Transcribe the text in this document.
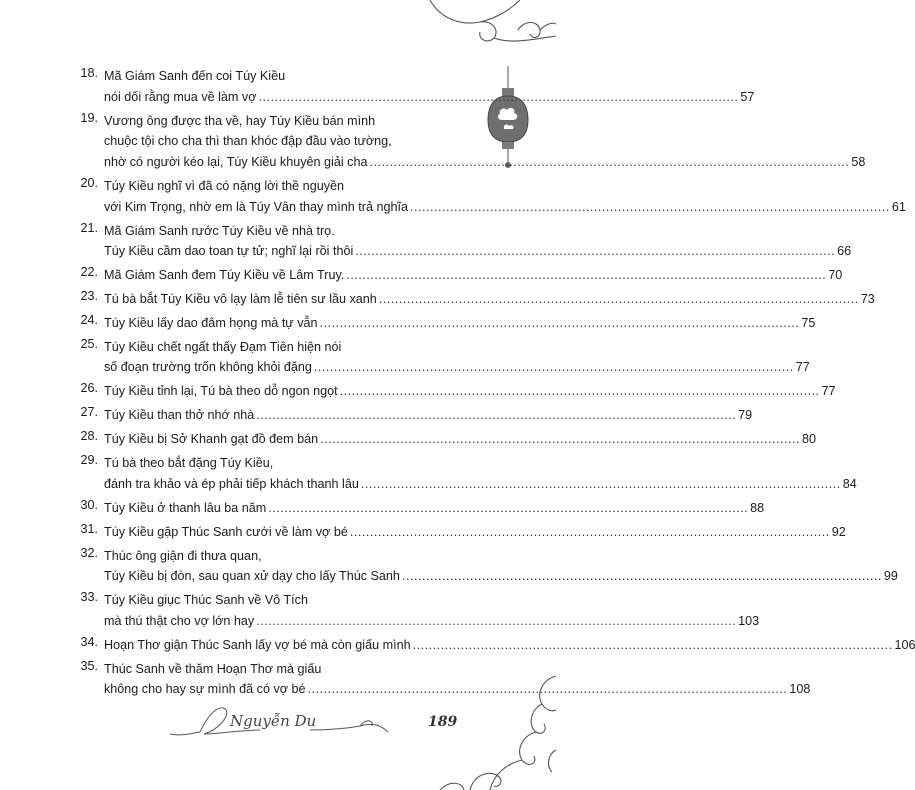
18. Mã Giám Sanh đến coi Túy Kiều
nói dối rằng mua về làm vợ ........................................................................................................................ 57
19. Vương ông được tha về, hay Túy Kiều bán mình
chuộc tội cho cha thì than khóc đập đầu vào tường,
nhờ có người kéo lại, Túy Kiều khuyên giải cha ........................................................................................................................ 58
20. Túy Kiều nghĩ vì đã có nặng lời thề nguyền
với Kim Trọng, nhờ em là Túy Vân thay mình trả nghĩa ........................................................................................................................ 61
21. Mã Giám Sanh rước Túy Kiều về nhà trọ.
Túy Kiều cầm dao toan tự tử; nghĩ lại rồi thôi ........................................................................................................................ 66
22. Mã Giám Sanh đem Túy Kiều về Lâm Truy. ........................................................................................................................ 70
23. Tú bà bắt Túy Kiều vô lạy làm lễ tiên sư lầu xanh ........................................................................................................................ 73
24. Túy Kiều lấy dao đâm họng mà tự vẫn ........................................................................................................................ 75
25. Túy Kiều chết ngất thấy Đạm Tiên hiện nói
số đoạn trường trốn không khỏi đặng ........................................................................................................................ 77
26. Túy Kiều tỉnh lại, Tú bà theo dỗ ngon ngọt ........................................................................................................................ 77
27. Túy Kiều than thở nhớ nhà ........................................................................................................................ 79
28. Túy Kiều bị Sở Khanh gạt đồ đem bán ........................................................................................................................ 80
29. Tú bà theo bắt đặng Túy Kiều,
đánh tra khảo và ép phải tiếp khách thanh lâu ........................................................................................................................ 84
30. Túy Kiều ở thanh lâu ba năm ........................................................................................................................ 88
31. Túy Kiều gặp Thúc Sanh cưới về làm vợ bé ........................................................................................................................ 92
32. Thúc ông giận đi thưa quan,
Túy Kiều bị đòn, sau quan xử dạy cho lấy Thúc Sanh ........................................................................................................................ 99
33. Túy Kiều giục Thúc Sanh về Vô Tích
mà thú thật cho vợ lớn hay ........................................................................................................................ 103
34. Hoạn Thơ giận Thúc Sanh lấy vợ bé mà còn giấu mình ........................................................................................................................ 106
35. Thúc Sanh về thăm Hoạn Thơ mà giấu
không cho hay sự mình đã có vợ bé ........................................................................................................................ 108
Nguyễn Du	189
